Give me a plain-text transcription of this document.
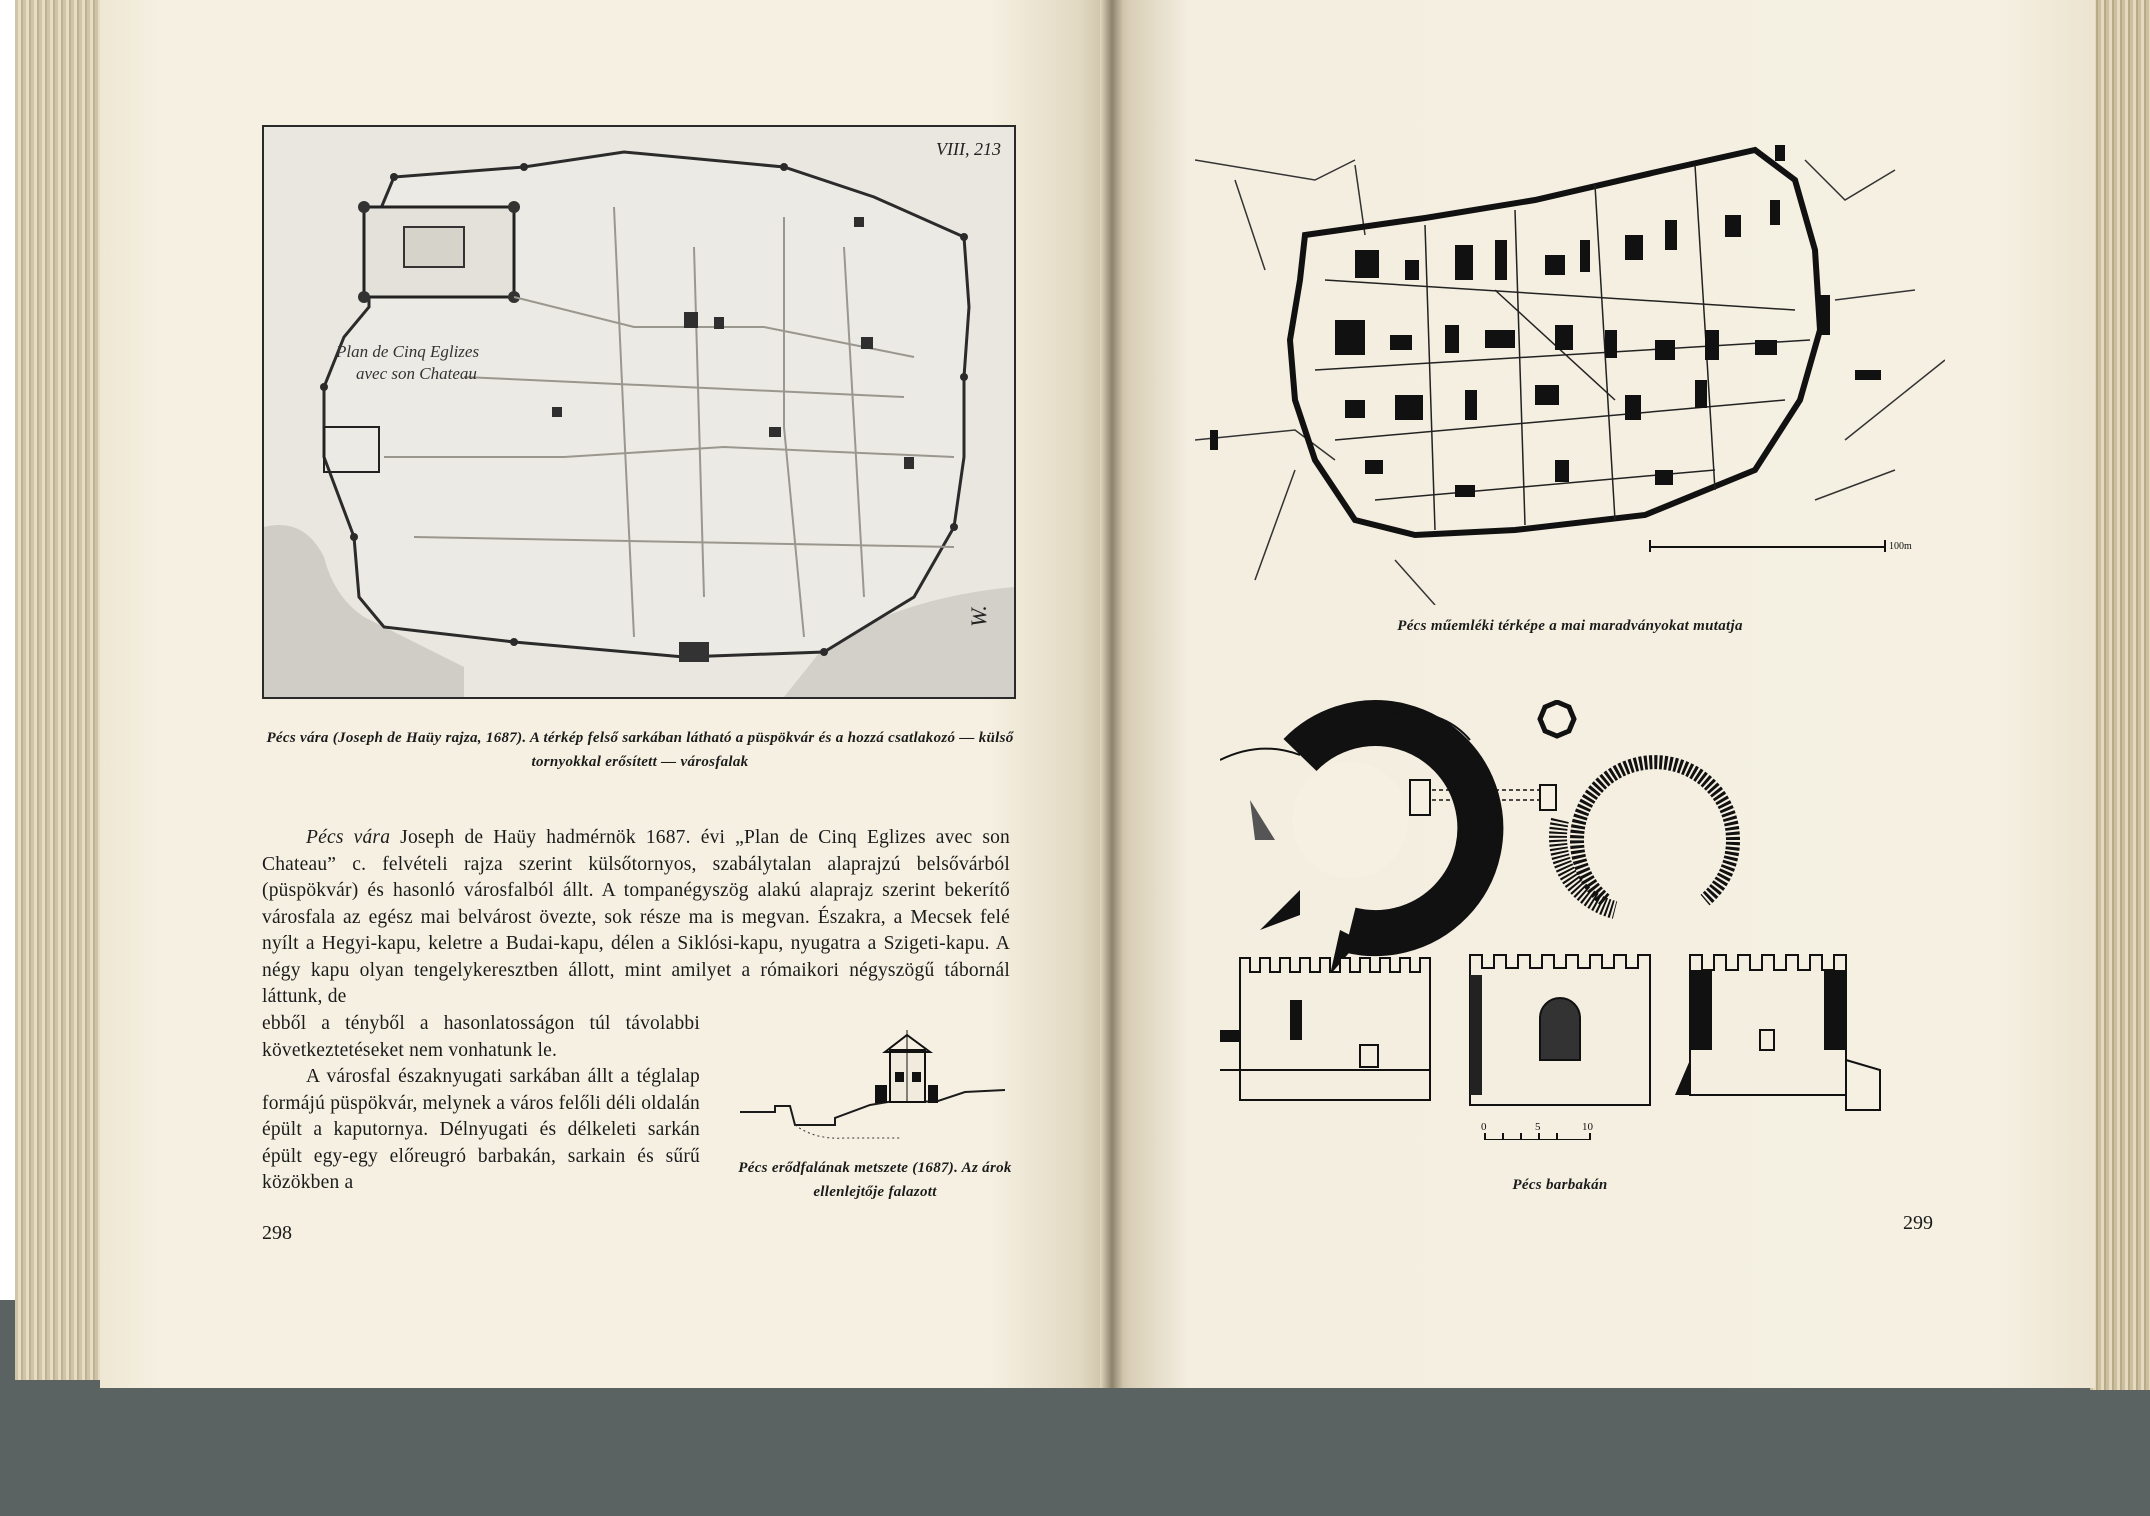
Plan de Cinq Eglizes
avec son Chateau
VIII, 213
W.
Pécs vára (Joseph de Haüy rajza, 1687). A térkép felső sarkában látható a püspökvár és a hozzá csatlakozó — külső tornyokkal erősített — városfalak
Pécs vára Joseph de Haüy hadmérnök 1687. évi „Plan de Cinq Eglizes avec son Chateau” c. felvételi rajza szerint külsőtornyos, szabálytalan alaprajzú belsővárból (püspökvár) és hasonló városfalból állt. A tompanégyszög alakú alaprajz szerint bekerítő városfala az egész mai belvárost övezte, sok része ma is megvan. Északra, a Mecsek felé nyílt a Hegyi-kapu, keletre a Budai-kapu, délen a Siklósi-kapu, nyugatra a Szigeti-kapu. A négy kapu olyan tengelykeresztben állott, mint amilyet a rómaikori négyszögű tábornál láttunk, de
ebből a tényből a hasonlatosságon túl távolabbi következtetéseket nem vonhatunk le.
A városfal északnyugati sarkában állt a téglalap formájú püspökvár, melynek a város felőli déli oldalán épült a kaputornya. Délnyugati és délkeleti sarkán épült egy-egy előreugró barbakán, sarkain és sűrű közökben a
Pécs erődfalának metszete (1687). Az árok ellenlejtője falazott
298
100m
Pécs műemléki térképe a mai maradványokat mutatja
0	5	10
Pécs barbakán
299
